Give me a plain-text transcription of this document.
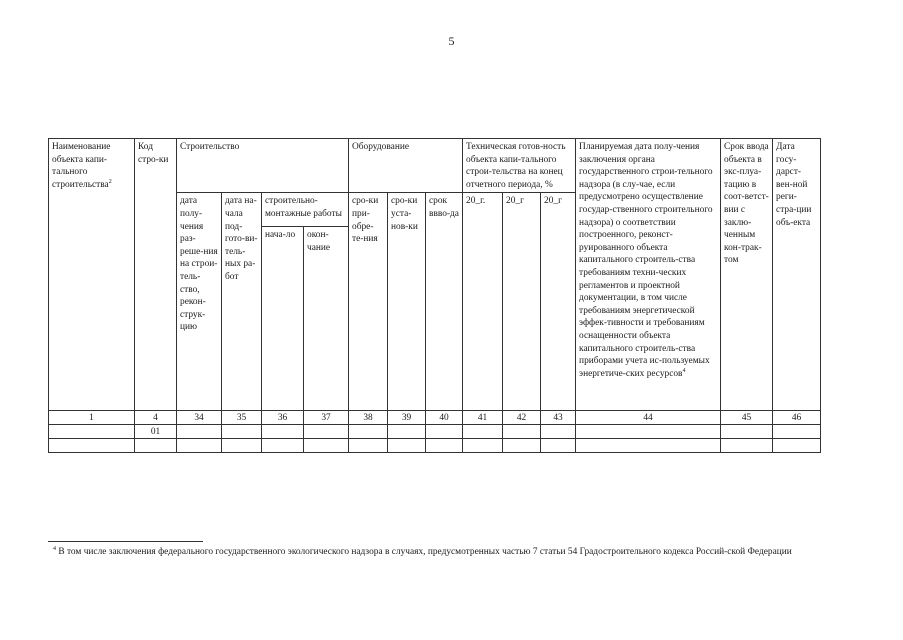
5
Наименование объекта капи-тального строительства$^2$	Код стро-ки	Строительство				Оборудование			Техническая готов-ность объекта капи-тального строи-тельства на конец отчетного периода, %			Планируемая дата полу-чения заключения органа государственного строи-тельного надзора (в слу-чае, если предусмотрено осуществление государ-ственного строительного надзора) о соответствии построенного, реконст-руированного объекта капитального строитель-ства требованиям техни-ческих регламентов и проектной документации, в том числе требованиям энергетической эффек-тивности и требованиям оснащенности объекта капитального строитель-ства приборами учета ис-пользуемых энергетиче-ских ресурсов$^4$	Срок ввода объекта в экс-плуа-тацию в соот-ветст-вии с заклю-ченным кон-трак-том	Дата госу-дарст-вен-ной реги-стра-ции объ-екта
		дата полу-чения раз-реше-ния на строи-тель-ство, рекон-струк-цию	дата на-чала под-гото-ви-тель-ных ра-бот	строительно-монтажные работы		сро-ки при-обре-те-ния	сро-ки уста-нов-ки	срок ввво-да	20_г.	20_г	20_г			
				нача-ло	окон-чание									
1	4	34	35	36	37	38	39	40	41	42	43	44	45	46
	01													

$^4$ В том числе заключения федерального государственного экологического надзора в случаях, предусмотренных частью 7 статьи 54 Градостроительного кодекса Россий-ской Федерации
